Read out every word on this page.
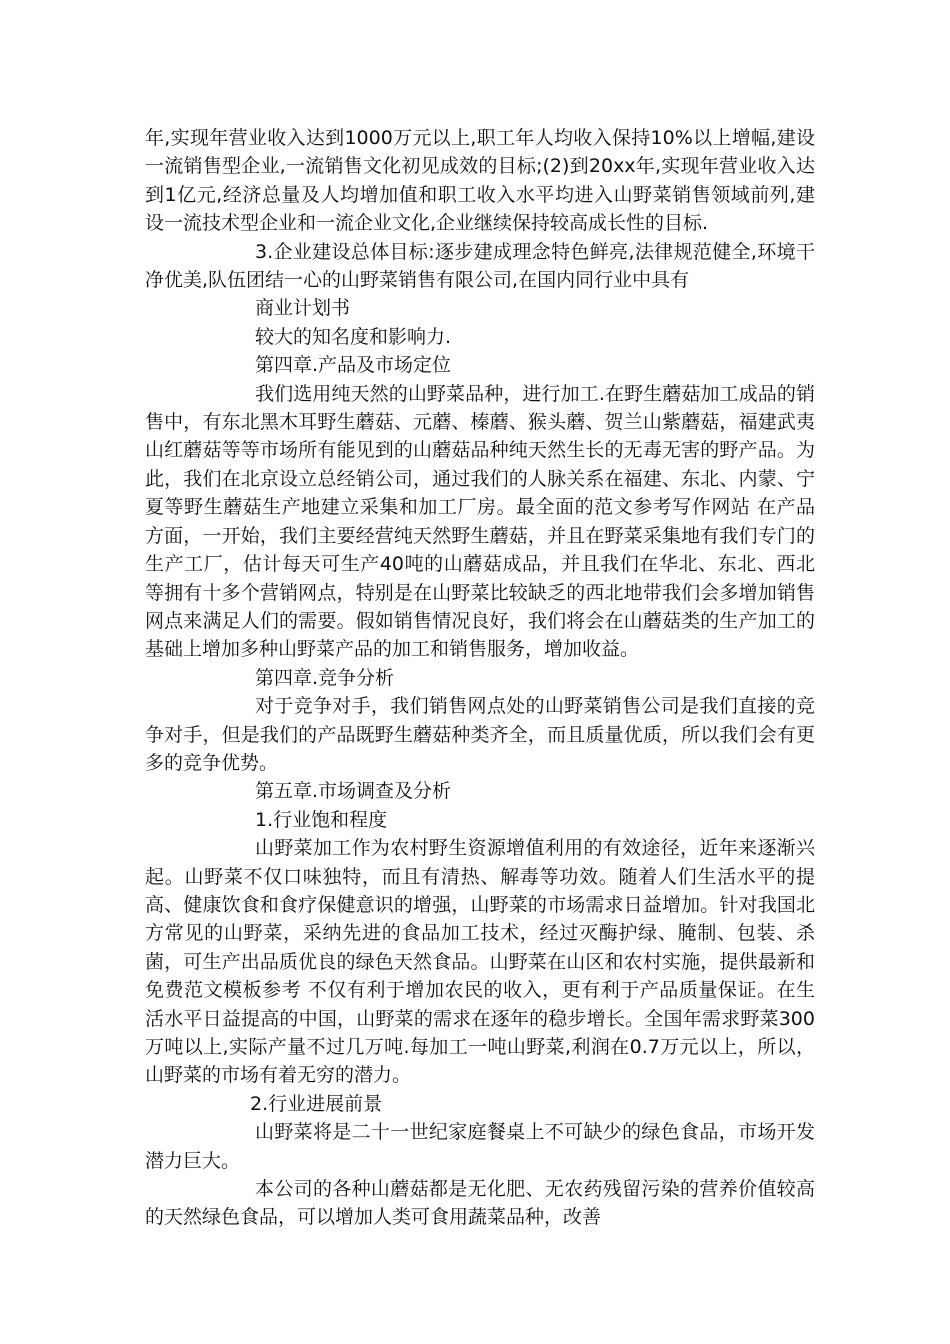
年,实现年营业收入达到1000万元以上,职工年人均收入保持10%以上增幅,建设一流销售型企业,一流销售文化初见成效的目标;(2)到20xx年,实现年营业收入达到1亿元,经济总量及人均增加值和职工收入水平均进入山野菜销售领域前列,建设一流技术型企业和一流企业文化,企业继续保持较高成长性的目标.

3.企业建设总体目标:逐步建成理念特色鲜亮,法律规范健全,环境干净优美,队伍团结一心的山野菜销售有限公司,在国内同行业中具有

商业计划书

较大的知名度和影响力.

第四章.产品及市场定位

我们选用纯天然的山野菜品种，进行加工.在野生蘑菇加工成品的销售中，有东北黑木耳野生蘑菇、元蘑、榛蘑、猴头蘑、贺兰山紫蘑菇，福建武夷山红蘑菇等等市场所有能见到的山蘑菇品种纯天然生长的无毒无害的野产品。为此，我们在北京设立总经销公司，通过我们的人脉关系在福建、东北、内蒙、宁夏等野生蘑菇生产地建立采集和加工厂房。最全面的范文参考写作网站 在产品方面，一开始，我们主要经营纯天然野生蘑菇，并且在野菜采集地有我们专门的生产工厂，估计每天可生产40吨的山蘑菇成品，并且我们在华北、东北、西北等拥有十多个营销网点，特别是在山野菜比较缺乏的西北地带我们会多增加销售网点来满足人们的需要。假如销售情况良好，我们将会在山蘑菇类的生产加工的基础上增加多种山野菜产品的加工和销售服务，增加收益。

第四章.竞争分析

对于竞争对手，我们销售网点处的山野菜销售公司是我们直接的竞争对手，但是我们的产品既野生蘑菇种类齐全，而且质量优质，所以我们会有更多的竞争优势。

第五章.市场调查及分析

1.行业饱和程度

山野菜加工作为农村野生资源增值利用的有效途径，近年来逐渐兴起。山野菜不仅口味独特，而且有清热、解毒等功效。随着人们生活水平的提高、健康饮食和食疗保健意识的增强，山野菜的市场需求日益增加。针对我国北方常见的山野菜，采纳先进的食品加工技术，经过灭酶护绿、腌制、包装、杀菌，可生产出品质优良的绿色天然食品。山野菜在山区和农村实施，提供最新和免费范文模板参考 不仅有利于增加农民的收入，更有利于产品质量保证。在生活水平日益提高的中国，山野菜的需求在逐年的稳步增长。全国年需求野菜300万吨以上,实际产量不过几万吨.每加工一吨山野菜,利润在0.7万元以上，所以，山野菜的市场有着无穷的潜力。

2.行业进展前景

山野菜将是二十一世纪家庭餐桌上不可缺少的绿色食品，市场开发潜力巨大。

本公司的各种山蘑菇都是无化肥、无农药残留污染的营养价值较高的天然绿色食品，可以增加人类可食用蔬菜品种，改善
